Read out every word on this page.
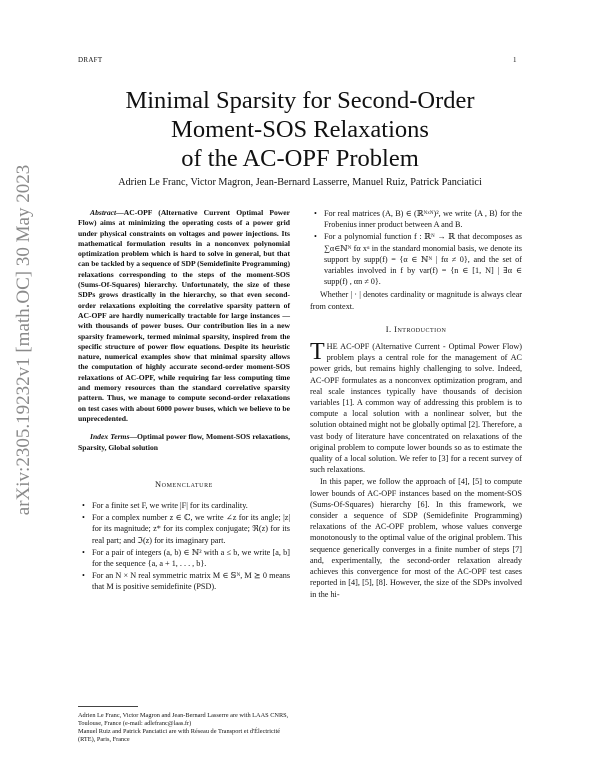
DRAFT	1
arXiv:2305.19232v1 [math.OC] 30 May 2023
Minimal Sparsity for Second-Order
Moment-SOS Relaxations
of the AC-OPF Problem
Adrien Le Franc, Victor Magron, Jean-Bernard Lasserre, Manuel Ruiz, Patrick Panciatici

Abstract—AC-OPF (Alternative Current Optimal Power Flow) aims at minimizing the operating costs of a power grid under physical constraints on voltages and power injections. Its mathematical formulation results in a nonconvex polynomial optimization problem which is hard to solve in general, but that can be tackled by a sequence of SDP (Semidefinite Programming) relaxations corresponding to the steps of the moment-SOS (Sums-Of-Squares) hierarchy. Unfortunately, the size of these SDPs grows drastically in the hierarchy, so that even second-order relaxations exploiting the correlative sparsity pattern of AC-OPF are hardly numerically tractable for large instances — with thousands of power buses. Our contribution lies in a new sparsity framework, termed minimal sparsity, inspired from the specific structure of power flow equations. Despite its heuristic nature, numerical examples show that minimal sparsity allows the computation of highly accurate second-order moment-SOS relaxations of AC-OPF, while requiring far less computing time and memory resources than the standard correlative sparsity pattern. Thus, we manage to compute second-order relaxations on test cases with about 6000 power buses, which we believe to be unprecedented.

Index Terms—Optimal power flow, Moment-SOS relaxations, Sparsity, Global solution

Nomenclature
• For a finite set F, we write |F| for its cardinality.
• For a complex number z ∈ ℂ, we write ∠z for its angle; |z| for its magnitude; z* for its complex conjugate; ℜ(z) for its real part; and ℑ(z) for its imaginary part.
• For a pair of integers (a, b) ∈ ℕ² with a ≤ b, we write [a, b] for the sequence {a, a + 1, . . . , b}.
• For an N × N real symmetric matrix M ∈ 𝕊ᴺ, M ⪰ 0 means that M is positive semidefinite (PSD).
Adrien Le Franc, Victor Magron and Jean-Bernard Lasserre are with LAAS CNRS, Toulouse, France (e-mail: adlefranc@laas.fr)
Manuel Ruiz and Patrick Panciatici are with Réseau de Transport et d'Électricité (RTE), Paris, France
• For real matrices (A, B) ∈ (ℝᴺˣᴺ)², we write ⟨A , B⟩ for the Frobenius inner product between A and B.
• For a polynomial function f : ℝᴺ → ℝ that decomposes as ∑α∈ℕᴺ fα xᵅ in the standard monomial basis, we denote its support by supp(f) = {α ∈ ℕᴺ | fα ≠ 0}, and the set of variables involved in f by var(f) = {n ∈ [1, N] | ∃α ∈ supp(f) , αn ≠ 0}.

Whether | · | denotes cardinality or magnitude is always clear from context.

I. Introduction

THE AC-OPF (Alternative Current - Optimal Power Flow) problem plays a central role for the management of AC power grids, but remains highly challenging to solve. Indeed, AC-OPF formulates as a nonconvex optimization program, and real scale instances typically have thousands of decision variables [1]. A common way of addressing this problem is to compute a local solution with a nonlinear solver, but the solution obtained might not be globally optimal [2]. Therefore, a vast body of literature have concentrated on relaxations of the original problem to compute lower bounds so as to estimate the quality of a local solution. We refer to [3] for a recent survey of such relaxations.

In this paper, we follow the approach of [4], [5] to compute lower bounds of AC-OPF instances based on the moment-SOS (Sums-Of-Squares) hierarchy [6]. In this framework, we consider a sequence of SDP (Semidefinite Programming) relaxations of the AC-OPF problem, whose values converge monotonously to the optimal value of the original problem. This sequence generically converges in a finite number of steps [7] and, experimentally, the second-order relaxation already achieves this convergence for most of the AC-OPF test cases reported in [4], [5], [8]. However, the size of the SDPs involved in the hi-
